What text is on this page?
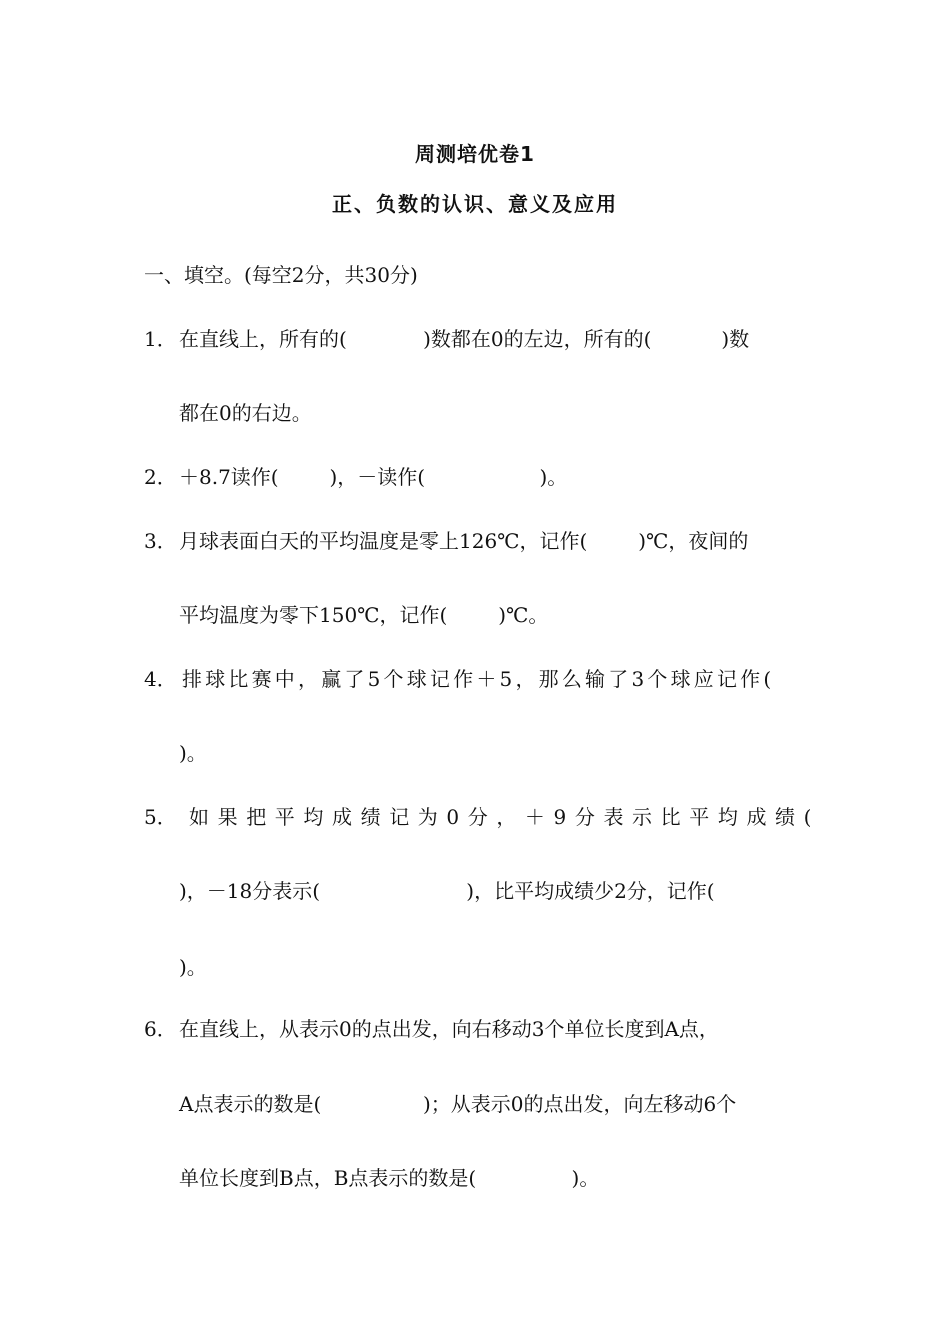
周测培优卷1
正、负数的认识、意义及应用
一、填空。(每空2分，共30分)
1． 在直线上，所有的(            )数都在0的左边，所有的(           )数
都在0的右边。
2． ＋8.7读作(        )，－读作(                  )。
3． 月球表面白天的平均温度是零上126℃，记作(        )℃，夜间的
平均温度为零下150℃，记作(        )℃。
4． 排球比赛中，赢了5个球记作＋5，那么输了3个球应记作(
)。
5． 如果把平均成绩记为0分，＋9分表示比平均成绩(
)，－18分表示(                       )，比平均成绩少2分，记作(
)。
6． 在直线上，从表示0的点出发，向右移动3个单位长度到A点，
A点表示的数是(                )；从表示0的点出发，向左移动6个
单位长度到B点，B点表示的数是(               )。
